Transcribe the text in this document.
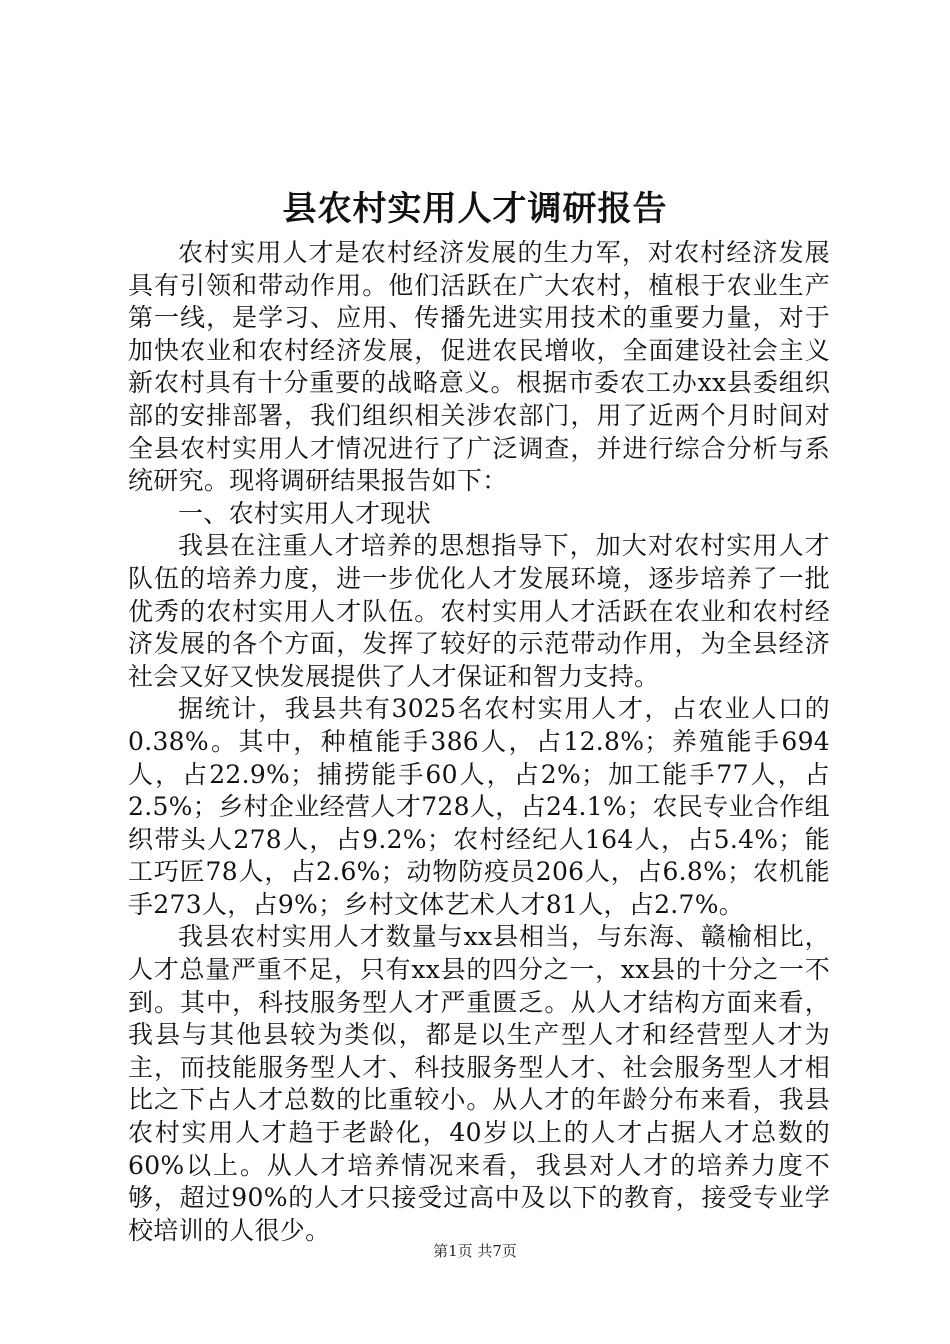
县农村实用人才调研报告

农村实用人才是农村经济发展的生力军，对农村经济发展具有引领和带动作用。他们活跃在广大农村，植根于农业生产第一线，是学习、应用、传播先进实用技术的重要力量，对于加快农业和农村经济发展，促进农民增收，全面建设社会主义新农村具有十分重要的战略意义。根据市委农工办xx县委组织部的安排部署，我们组织相关涉农部门，用了近两个月时间对全县农村实用人才情况进行了广泛调查，并进行综合分析与系统研究。现将调研结果报告如下：

一、农村实用人才现状

我县在注重人才培养的思想指导下，加大对农村实用人才队伍的培养力度，进一步优化人才发展环境，逐步培养了一批优秀的农村实用人才队伍。农村实用人才活跃在农业和农村经济发展的各个方面，发挥了较好的示范带动作用，为全县经济社会又好又快发展提供了人才保证和智力支持。

据统计，我县共有3025名农村实用人才，占农业人口的0.38%。其中，种植能手386人，占12.8%；养殖能手694人，占22.9%；捕捞能手60人，占2%；加工能手77人，占2.5%；乡村企业经营人才728人，占24.1%；农民专业合作组织带头人278人，占9.2%；农村经纪人164人，占5.4%；能工巧匠78人，占2.6%；动物防疫员206人，占6.8%；农机能手273人，占9%；乡村文体艺术人才81人，占2.7%。

我县农村实用人才数量与xx县相当，与东海、赣榆相比，人才总量严重不足，只有xx县的四分之一，xx县的十分之一不到。其中，科技服务型人才严重匮乏。从人才结构方面来看，我县与其他县较为类似，都是以生产型人才和经营型人才为主，而技能服务型人才、科技服务型人才、社会服务型人才相比之下占人才总数的比重较小。从人才的年龄分布来看，我县农村实用人才趋于老龄化，40岁以上的人才占据人才总数的60%以上。从人才培养情况来看，我县对人才的培养力度不够，超过90%的人才只接受过高中及以下的教育，接受专业学校培训的人很少。

第1页 共7页
